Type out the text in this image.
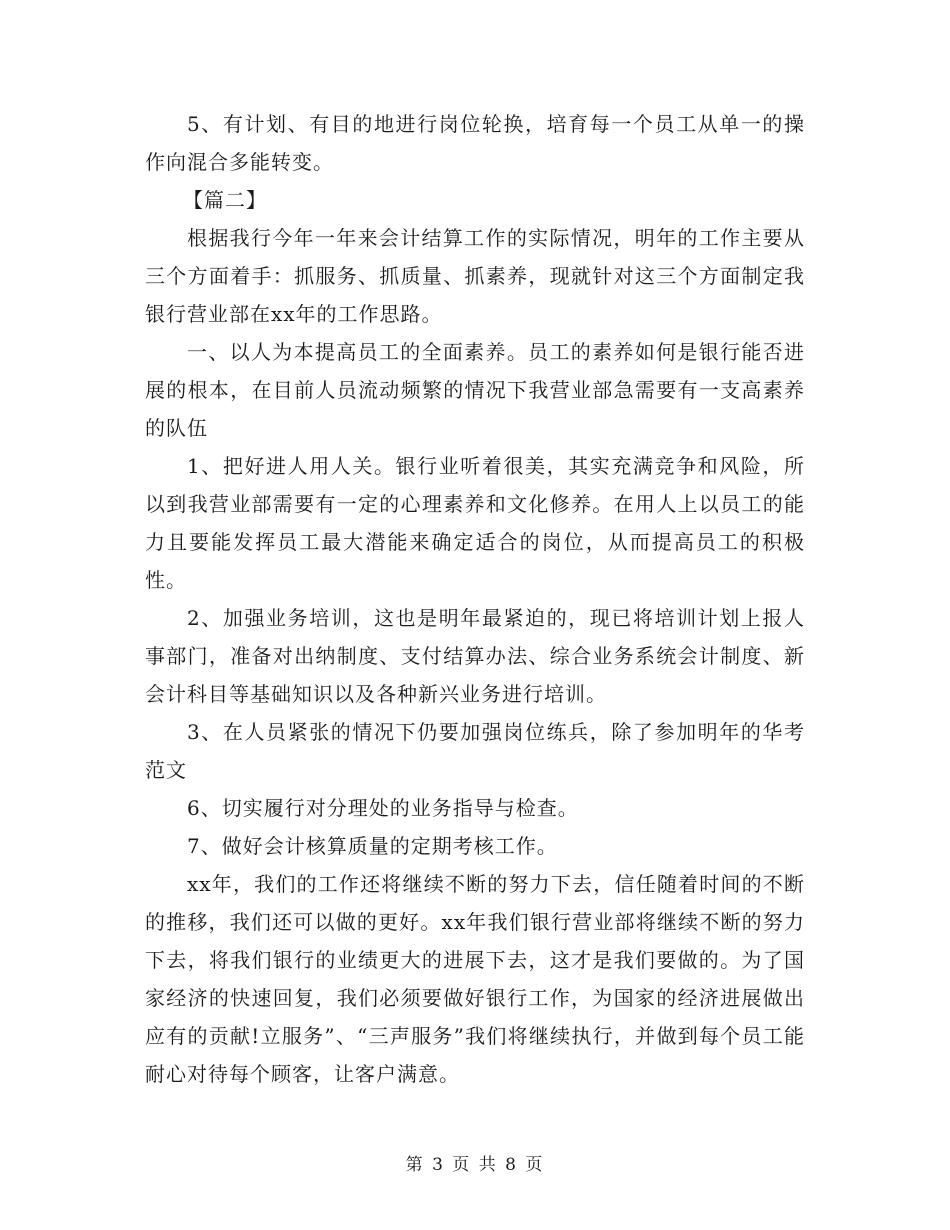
5、有计划、有目的地进行岗位轮换，培育每一个员工从单一的操作向混合多能转变。

【篇二】

根据我行今年一年来会计结算工作的实际情况，明年的工作主要从三个方面着手：抓服务、抓质量、抓素养，现就针对这三个方面制定我银行营业部在xx年的工作思路。

一、以人为本提高员工的全面素养。员工的素养如何是银行能否进展的根本，在目前人员流动频繁的情况下我营业部急需要有一支高素养的队伍

1、把好进人用人关。银行业听着很美，其实充满竞争和风险，所以到我营业部需要有一定的心理素养和文化修养。在用人上以员工的能力且要能发挥员工最大潜能来确定适合的岗位，从而提高员工的积极性。

2、加强业务培训，这也是明年最紧迫的，现已将培训计划上报人事部门，准备对出纳制度、支付结算办法、综合业务系统会计制度、新会计科目等基础知识以及各种新兴业务进行培训。

3、在人员紧张的情况下仍要加强岗位练兵，除了参加明年的华考范文

6、切实履行对分理处的业务指导与检查。

7、做好会计核算质量的定期考核工作。

xx年，我们的工作还将继续不断的努力下去，信任随着时间的不断的推移，我们还可以做的更好。xx年我们银行营业部将继续不断的努力下去，将我们银行的业绩更大的进展下去，这才是我们要做的。为了国家经济的快速回复，我们必须要做好银行工作，为国家的经济进展做出应有的贡献!立服务”、“三声服务”我们将继续执行，并做到每个员工能耐心对待每个顾客，让客户满意。

第 3 页 共 8 页
